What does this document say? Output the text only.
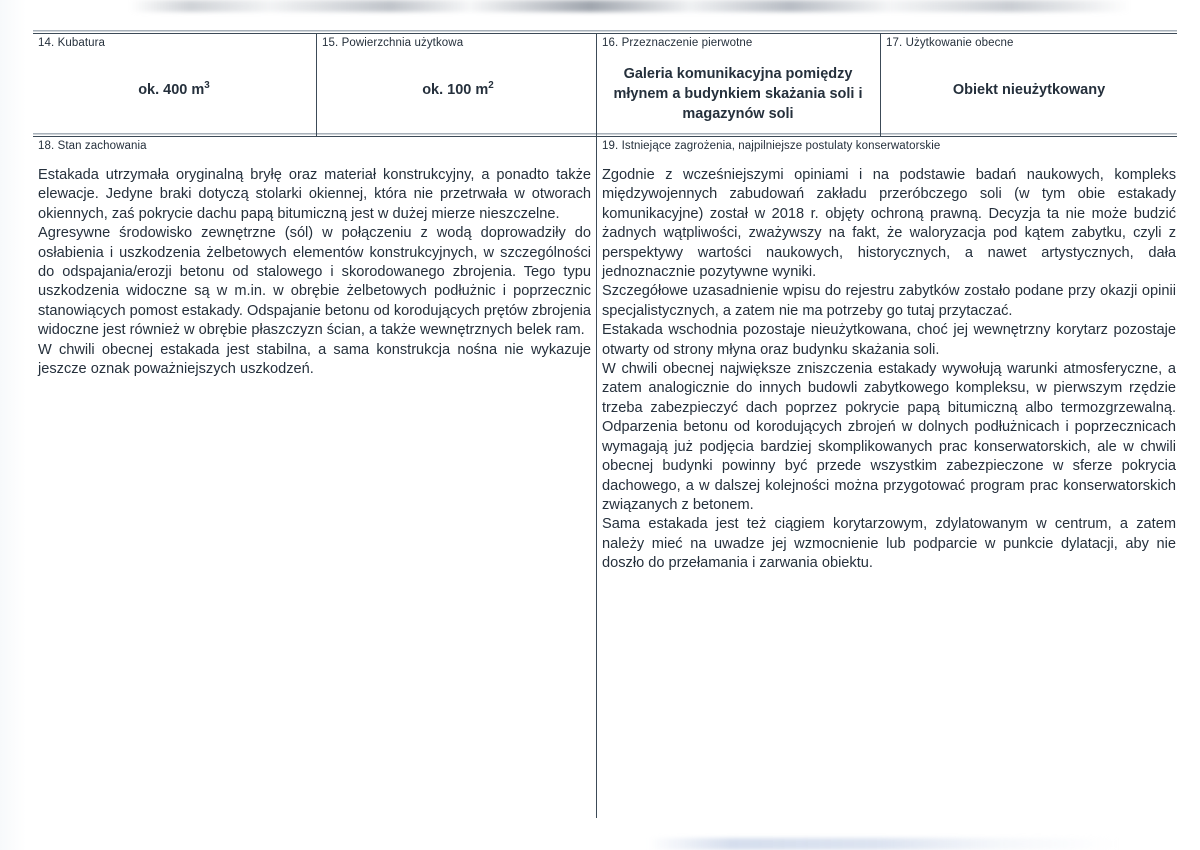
14. Kubatura
ok. 400 $m^3$
15. Powierzchnia użytkowa
ok. 100 $m^2$
16. Przeznaczenie pierwotne
Galeria komunikacyjna pomiędzy młynem a budynkiem skażania soli i magazynów soli
17. Użytkowanie obecne
Obiekt nieużytkowany
18. Stan zachowania

Estakada utrzymała oryginalną bryłę oraz materiał konstrukcyjny, a ponadto także elewacje. Jedyne braki dotyczą stolarki okiennej, która nie przetrwała w otworach okiennych, zaś pokrycie dachu papą bitumiczną jest w dużej mierze nieszczelne.

Agresywne środowisko zewnętrzne (sól) w połączeniu z wodą doprowadziły do osłabienia i uszkodzenia żelbetowych elementów konstrukcyjnych, w szczególności do odspajania/erozji betonu od stalowego i skorodowanego zbrojenia. Tego typu uszkodzenia widoczne są w m.in. w obrębie żelbetowych podłużnic i poprzecznic stanowiących pomost estakady. Odspajanie betonu od korodujących prętów zbrojenia widoczne jest również w obrębie płaszczyzn ścian, a także wewnętrznych belek ram.

W chwili obecnej estakada jest stabilna, a sama konstrukcja nośna nie wykazuje jeszcze oznak poważniejszych uszkodzeń.

19. Istniejące zagrożenia, najpilniejsze postulaty konserwatorskie

Zgodnie z wcześniejszymi opiniami i na podstawie badań naukowych, kompleks międzywojennych zabudowań zakładu przeróbczego soli (w tym obie estakady komunikacyjne) został w 2018 r. objęty ochroną prawną. Decyzja ta nie może budzić żadnych wątpliwości, zważywszy na fakt, że waloryzacja pod kątem zabytku, czyli z perspektywy wartości naukowych, historycznych, a nawet artystycznych, dała jednoznacznie pozytywne wyniki.

Szczegółowe uzasadnienie wpisu do rejestru zabytków zostało podane przy okazji opinii specjalistycznych, a zatem nie ma potrzeby go tutaj przytaczać.

Estakada wschodnia pozostaje nieużytkowana, choć jej wewnętrzny korytarz pozostaje otwarty od strony młyna oraz budynku skażania soli.

W chwili obecnej największe zniszczenia estakady wywołują warunki atmosferyczne, a zatem analogicznie do innych budowli zabytkowego kompleksu, w pierwszym rzędzie trzeba zabezpieczyć dach poprzez pokrycie papą bitumiczną albo termozgrzewalną. Odparzenia betonu od korodujących zbrojeń w dolnych podłużnicach i poprzecznicach wymagają już podjęcia bardziej skomplikowanych prac konserwatorskich, ale w chwili obecnej budynki powinny być przede wszystkim zabezpieczone w sferze pokrycia dachowego, a w dalszej kolejności można przygotować program prac konserwatorskich związanych z betonem.

Sama estakada jest też ciągiem korytarzowym, zdylatowanym w centrum, a zatem należy mieć na uwadze jej wzmocnienie lub podparcie w punkcie dylatacji, aby nie doszło do przełamania i zarwania obiektu.
